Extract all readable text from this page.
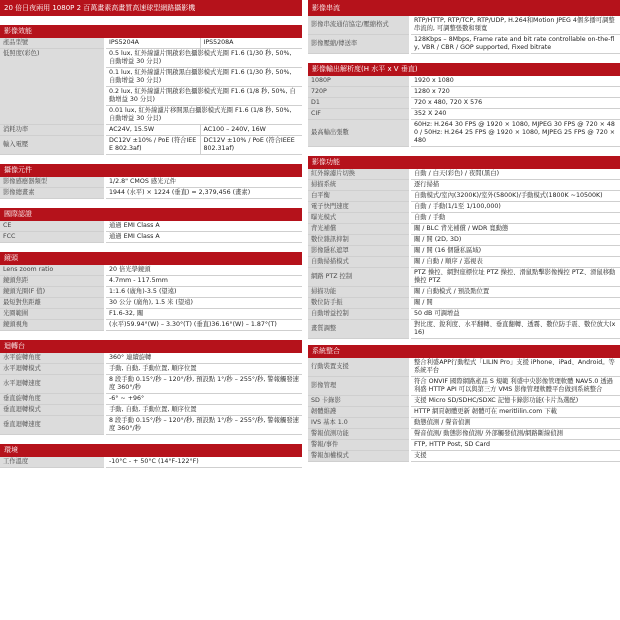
20 倍日夜兩用 1080P 2 百萬畫素高畫質高速球型網路攝影機
影像效能
產品型號	IPS5204A	IPS5208A
低照度(彩色)	0.5 lux, 紅外線濾片開啟彩色攝影模式光圈 F1.6 (1/30 秒, 50%, 自動增益 30 分貝)
0.1 lux, 紅外線濾片開啟黑白攝影模式光圈 F1.6 (1/30 秒, 50%, 自動增益 30 分貝)
0.2 lux, 紅外線濾片開啟彩色攝影模式光圈 F1.6 (1/8 秒, 50%, 自動增益 30 分貝)
0.01 lux, 紅外線濾片移開黑白攝影模式光圈 F1.6 (1/8 秒, 50%, 自動增益 30 分貝)	

消耗功率	AC24V, 15.5W	AC100 – 240V, 16W
輸入電壓	DC12V ±10% / PoE (符合IEEE 802.3af)	DC12V ±10% / PoE (符合IEEE 802.31af)
攝像元件
影像感應器類型	1/2.8" CMOS 感光元件
影像總畫素	1944 (水平) × 1224 (垂直) = 2,379,456 (畫素)
國際認證
CE	通過 EMI Class A
FCC	通過 EMI Class A
鏡頭
Lens zoom ratio	20 倍光學鏡頭
鏡頭焦距	4.7mm - 117.5mm
鏡頭光圈(F 值)	1:1.6 (廣角)-3.5 (望遠)
最短對焦距離	30 公分 (廣角), 1.5 米 (望遠)
光圈範圍	F1.6-32, 關
鏡頭視角	(水平)59.94°(W) – 3.30°(T) (垂直)36.16°(W) – 1.87°(T)
迴轉台
水平旋轉角度	360° 連續旋轉
水平迴轉模式	手動, 自動, 手動位置, 順序位置
水平迴轉速度	8 段手動 0.15°/秒 – 120°/秒, 預設點 1°/秒 – 255°/秒, 警報觸發速度 360°/秒
垂直旋轉角度	-6° ~ +96°
垂直迴轉模式	手動, 自動, 手動位置, 順序位置
垂直迴轉速度	8 段手動 0.15°/秒 – 120°/秒, 預設點 1°/秒 – 255°/秒, 警報觸發速度 360°/秒
環境
工作溫度	-10°C - + 50°C (14°F-122°F)
影像串流
影像串流通信協定/壓縮格式	RTP/HTTP, RTP/TCP, RTP/UDP, H.264和Motion JPEG 4個多播可調整串流的, 可調整張數和頻寬
影像壓縮/傳送率	128Kbps – 8Mbps, Frame rate and bit rate controllable on-the-fly, VBR / CBR / GOP supported, Fixed bitrate
影像輸出解析度(H 水平 x V 垂直)
1080P	1920 x 1080
720P	1280 x 720
D1	720 x 480, 720 X 576
CIF	352 X 240
最高輸出張數	60Hz: H.264 30 FPS @ 1920 × 1080, MJPEG 30 FPS @ 720 × 480 / 50Hz: H.264 25 FPS @ 1920 × 1080, MJPEG 25 FPS @ 720 × 480
影像功能
紅外線濾片切換	自動 / 白天(彩色) / 夜間(黑白)
掃描系統	逐行掃描
白平衡	自動模式/室內(3200K)/室外(5800K)/手動模式(1800K ~10500K)
電子快門速度	自動 / 手動(1/1至 1/100,000)
曝光模式	自動 / 手動
背光補償	關 / BLC 背光補償 / WDR 寬動態
數位雜訊抑制	關 / 開 (2D, 3D)
影像隱私遮罩	關 / 開 (16 個隱私區域)
自動掃描模式	關 / 自動 / 順序 / 巡視表
網路 PTZ 控制	PTZ 操控、網對座標位址 PTZ 操控、滑鼠點擊影像操控 PTZ、滑鼠移動操控 PTZ
掃描功能	關 / 自動模式 / 預設點位置
數位防手振	關 / 開
自動增益控制	50 dB 可調增益
畫質調整	對比度、銳利度、水平翻轉、垂直翻轉、透霧、數位防手震、數位放大(x16)
系統整合
行動裝置支援	整合利盛APP行動程式「LILIN Pro」支援 iPhone、iPad、Android。等系統平台
影像管理	符合 ONVIF 國際網路產品 S 規範 利盛中央影像管理軟體 NAV5.0 透過利盛 HTTP API 可以與第三方 VMS 影像管理軟體平台做到系統整合
SD 卡錄影	支援 Micro SD/SDHC/SDXC 記憶卡錄影功能(卡片為選配)
韌體維護	HTTP 網頁韌體更新 韌體可在 meritlilin.com 下載
IVS 基本 1.0	動態偵測 / 聲音偵測
警報偵測功能	聲音偵測/ 動態影像偵測/ 外部觸發偵測/網路斷線偵測
警報/事件	FTP, HTTP Post, SD Card
警報加權模式	支援
